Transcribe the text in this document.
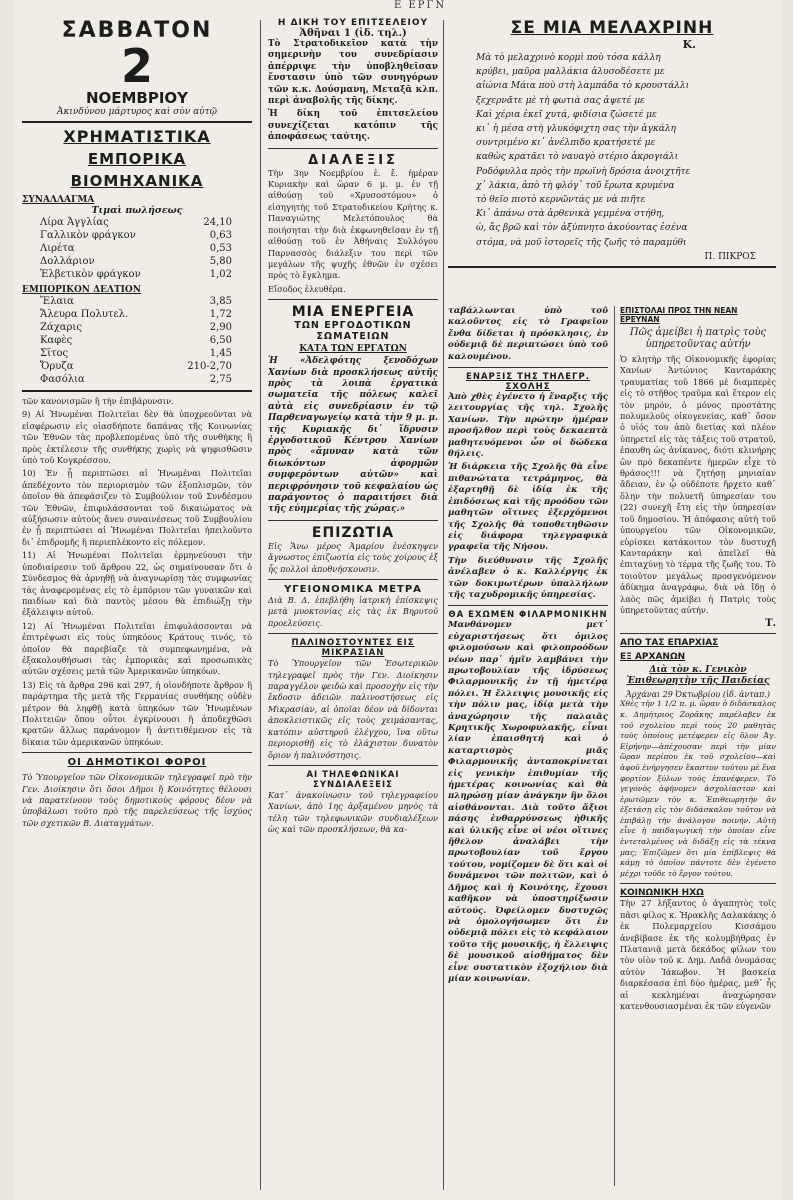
Ε ΕΡΓΝ
ΣΑΒΒΑΤΟΝ
2
ΝΟΕΜΒΡΙΟΥ
Ἀκινδύνου μάρτυρος καὶ σὺν αὐτῷ
ΧΡΗΜΑΤΙΣΤΙΚΑ
ΕΜΠΟΡΙΚΑ
ΒΙΟΜΗΧΑΝΙΚΑ
ΣΥΝΑΛΛΑΓΜΑ
Τιμαὶ πωλήσεως
Λίρα Ἀγγλίας	24,10
Γαλλικὸν φράγκον	0,63
Λιρέτα	0,53
Δολλάριον	5,80
Ἑλβετικὸν φράγκον	1,02
ΕΜΠΟΡΙΚΟΝ ΔΕΛΤΙΟΝ
Ἔλαια	3,85
Ἄλευρα Πολυτελ.	1,72
Ζάχαρις	2,90
Καφὲς	6,50
Σῖτος	1,45
Ὄρυζα	210-2,70
Φασόλια	2,75

τῶν κανονισμῶν ἢ τὴν ἐπιβάρυνσιν.

9) Αἱ Ἡνωμέναι Πολιτεῖαι δὲν θὰ ὑποχρεοῦνται νὰ εἰσφέρωσιν εἰς οἱασδήποτε δαπάνας τῆς Κοινωνίας τῶν Ἐθνῶν τὰς προβλεπομένας ὑπὸ τῆς συνθήκης ἢ πρὸς ἐκτέλεσιν τῆς συνθήκης χωρὶς νὰ ψηφισθῶσιν ὑπὸ τοῦ Κογκρέσσου.

10) Ἐν ᾗ περιπτώσει αἱ Ἡνωμέναι Πολιτεῖαι ἀπεδέχοντο τὸν περιορισμὸν τῶν ἐξοπλισμῶν, τὸν ὁποῖον θὰ ἀπεφάσιζεν τὸ Συμβούλιον τοῦ Συνδέσμου τῶν Ἐθνῶν, ἐπιφυλάσσονται τοῦ δικαιώματος νὰ αὐξήσωσιν αὐτοὺς ἄνευ συναινέσεως τοῦ Συμβουλίου ἐν ᾗ περιπτώσει αἱ Ἡνωμέναι Πολιτεῖαι ἠπειλοῦντο δι᾽ ἐπιδρομῆς ἢ περιεπλέκοντο εἰς πόλεμον.

11) Αἱ Ἡνωμέναι Πολιτεῖαι ἑρμηνεύουσι τὴν ὑποδιαίρεσιν τοῦ ἄρθρου 22, ὡς σημαίνουσαν ὅτι ὁ Σύνδεσμος θὰ ἀρνηθῇ νὰ ἀναγνωρίσῃ τὰς συμφωνίας τὰς ἀναφερομένας εἰς τὸ ἐμπόριον τῶν γυναικῶν καὶ παιδίων καὶ διὰ παντὸς μέσου θὰ ἐπιδιώξῃ τὴν ἐξάλειψιν αὐτοῦ.

12) Αἱ Ἡνωμέναι Πολιτεῖαι ἐπιφυλάσσονται νὰ ἐπιτρέψωσι εἰς τοὺς ὑπηκόους Κράτους τινός, τὸ ὁποῖον θὰ παρεβίαζε τὰ συμπεφωνημένα, νὰ ἐξακολουθήσωσι τὰς ἐμπορικὰς καὶ προσωπικὰς αὐτῶν σχέσεις μετὰ τῶν Ἀμερικανῶν ὑπηκόων.

13) Εἰς τὰ ἄρθρα 296 καὶ 297, ἡ οἱονδήποτε ἄρθρον ἢ παράρτημα τῆς μετὰ τῆς Γερμανίας συνθήκης οὐδὲν μέτρον θὰ ληφθῇ κατὰ ὑπηκόων τῶν Ἡνωμένων Πολιτειῶν ὅπου οὗτοι ἐγκρίνουσι ἢ ἀποδεχθῶσι κρατῶν ἄλλως παράνομον ἢ ἀντιτιθέμενον εἰς τὰ δίκαια τῶν ἀμερικανῶν ὑπηκόων.

ΟΙ ΔΗΜΟΤΙΚΟΙ ΦΟΡΟΙ

Τὸ Ὑπουργεῖον τῶν Οἰκονομικῶν τηλεγραφεῖ πρὸ τὴν Γεν. Διοίκησιν ὅτι ὅσοι Δῆμοι ἢ Κοινότητες θέλουσι νὰ παρατείνουν τοὺς δημοτικοὺς φόρους δέον νὰ ὑποβάλωσι τοῦτο πρὸ τῆς παρελεύσεως τῆς ἰσχύος τῶν σχετικῶν Β. Διαταγμάτων.

Η ΔΙΚΗ ΤΟΥ ΕΠΙΤΣΕΛΕΙΟΥ
Ἀθῆναι 1 (ἰδ. τηλ.)

Τὸ Στρατοδικεῖον κατὰ τὴν σημερινὴν του συνεδρίασιν ἀπέρριψε τὴν ὑποβληθεῖσαν ἔνστασιν ὑπὸ τῶν συνηγόρων τῶν κ.κ. Δούσμανη, Μεταξᾶ κλπ. περὶ ἀναβολῆς τῆς δίκης.

Ἡ δίκη τοῦ ἐπιτσελείου συνεχίζεται κατόπιν τῆς ἀποφάσεως ταύτης.

ΔΙΑΛΕΞΙΣ

Τὴν 3ην Νοεμβρίου ἐ. ἔ. ἡμέραν Κυριακὴν καὶ ὥραν 6 μ. μ. ἐν τῇ αἰθούσῃ τοῦ «Χρυσοστόμου» ὁ εἰσηγητὴς τοῦ Στρατοδικείου Κρήτης κ. Παναγιώτης Μελετόπουλος θὰ ποιήσηται τὴν διὰ ἐκφωνηθεῖσαν ἐν τῇ αἰθούσῃ τοῦ ἐν Ἀθήναις Συλλόγου Παρνασσὸς διάλεξιν του περὶ τῶν μεγάλων τῆς ψυχῆς ἐθνῶν ἐν σχέσει πρὸς τὸ ἔγκλημα.

Εἴσοδος ἐλευθέρα.

ΜΙΑ ΕΝΕΡΓΕΙΑ
ΤΩΝ ΕΡΓΟΔΟΤΙΚΩΝ ΣΩΜΑΤΕΙΩΝ
ΚΑΤΑ ΤΩΝ ΕΡΓΑΤΩΝ

Ἡ «Ἀδελφότης ξενοδόχων Χανίων διὰ προσκλήσεως αὐτῆς πρὸς τὰ λοιπὰ ἐργατικὰ σωματεῖα τῆς πόλεως καλεῖ αὐτὰ εἰς συνεδρίασιν ἐν τῷ Παρθεναγωγείῳ κατὰ τὴν 9 μ. μ. τῆς Κυριακῆς δι᾽ ἵδρυσιν ἐργοδοτικοῦ Κέντρου Χανίων πρὸς «ἄμυναν κατὰ τῶν διωκόντων ἀφορμῶν συμφερόντων αὐτῶν» καὶ περιφρόνησιν τοῦ κεφαλαίου ὡς παράγοντος ὁ παραιτήσει διὰ τῆς εὐημερίας τῆς χώρας.»

ΕΠΙΖΩΤΙΑ

Εἰς Ἄνω μέρος Ἀμαρίου ἐνέσκηψεν ἄγνωστος ἐπιζωοτία εἰς τοὺς χοίρους ἐξ ἧς πολλοὶ ἀποθνήσκουσιν.

ΥΓΕΙΟΝΟΜΙΚΑ ΜΕΤΡΑ

Διὰ Β. Δ. ἐπεβλήθη ἰατρικὴ ἐπίσκεψις μετὰ μυοκτονίας εἰς τὰς ἐκ Βηρυτοῦ προελεύσεις.

ΠΑΛΙΝΟΣΤΟΥΝΤΕΣ ΕΙΣ ΜΙΚΡΑΣΙΑΝ

Τὸ Ὑπουργεῖον τῶν Ἐσωτερικῶν τηλεγραφεῖ πρὸς τὴν Γεν. Διοίκησιν παραγγέλον φειδὼ καὶ προσοχὴν εἰς τὴν ἔκδοσιν ἀδειῶν παλινοστήσεως εἰς Μικρασίαν, αἱ ὁποῖαι δέον νὰ δίδονται ἀποκλειστικῶς εἰς τοὺς χειμάσαντας, κατόπιν αὐστηροῦ ἐλέγχου, ἵνα οὕτω περιορισθῇ εἰς τὸ ἐλάχιστον δυνατὸν ὅριον ἡ παλινόστησις.

ΑΙ ΤΗΛΕΦΩΝΙΚΑΙ ΣΥΝΔΙΑΛΕΞΕΙΣ

Κατ᾽ ἀνακοίνωσιν τοῦ τηλεγραφείου Χανίων, ἀπὸ 1ης ἀρξαμένου μηνὸς τὰ τέλη τῶν τηλεφωνικῶν συνδιαλέξεων ὡς καὶ τῶν προσκλήσεων, θὰ κα-

ΣΕ ΜΙΑ ΜΕΛΑΧΡΙΝΗ
Κ.
Μὰ τὸ μελαχρινὸ κορμὶ ποὺ τόσα κάλλη
κρύβει, μαῦρα μαλλάκια ἀλυσοδέσετε με
αἰώνια Μάια ποὺ στὴ λαμπάδα τὸ κρουστάλλι
ξεχερνᾶτε μὲ τὴ φωτιὰ σας ἀψετέ με
Καὶ χέρια ἐκεῖ χυτά, φιδίσια ζώσετέ με
κι᾽ ἡ μέσα στὴ γλυκόφιχτη σας τὴν ἀγκάλη
συντριμένο κι᾽ ἀνέλπιδο κρατήσετέ με
καθὼς κρατᾶει τὸ ναυαγὸ στέριο ἀκρογιάλι
Ροδόφυλλα πρὸς τὴν πρωϊνὴ δρόσια ἀνοιχτῆτε
χ᾽ λάκια, ἀπὸ τὴ φλόγ᾽ τοῦ ἔρωτα κρυμένα
τὸ θεῖο πιοτὸ κερνῶντάς με νὰ πιῆτε
Κι᾽ ἀπάνω στὰ ἀρθενικὰ γεμμένα στήθη,
ὡ, ἄς βρῶ καὶ τὸν ἀξύπνητο ἀκούοντας ἐσένα
στόμα, νὰ μοῦ ἱστορεῖς τῆς ζωῆς τὸ παραμύθι
Π. ΠΙΚΡΟΣ

ταβάλλωνται ὑπὸ τοῦ καλοῦντος εἰς τὸ Γραφεῖον ἔνθα δίδεται ἡ πρόσκλησις, ἐν οὐδεμιᾷ δὲ περιπτώσει ὑπὸ τοῦ καλουμένου.

ΕΝΑΡΞΙΣ ΤΗΣ ΤΗΛΕΓΡ. ΣΧΟΛΗΣ

Ἀπὸ χθὲς ἐγένετο ἡ ἔναρξις τῆς λειτουργίας τῆς τηλ. Σχολῆς Χανίων. Τὴν πρώτην ἡμέραν προσῆλθον περὶ τοὺς δεκαεπτὰ μαθητευόμενοι ὧν οἱ δώδεκα θήλεις.

Ἡ διάρκεια τῆς Σχολῆς θὰ εἶνε πιθανώτατα τετράμηνος, θὰ ἐξαρτηθῇ δὲ ἰδίᾳ ἐκ τῆς ἐπιδόσεως καὶ τῆς προόδου τῶν μαθητῶν οἵτινες ἐξερχόμενοι τῆς Σχολῆς θὰ τοποθετηθῶσιν εἰς διάφορα τηλεγραφικὰ γραφεῖα τῆς Νήσου.

Τὴν διεύθυνσιν τῆς Σχολῆς ἀνέλαβεν ὁ κ. Καλλέργης ἐκ τῶν δοκιμωτέρων ὑπαλλήλων τῆς ταχυδρομικῆς ὑπηρεσίας.

ΘΑ ΕΧΩΜΕΝ ΦΙΛΑΡΜΟΝΙΚΗΝ

Μανθάνομεν μετ᾽ εὐχαριστήσεως ὅτι ὁμιλος φιλομούσων καὶ φιλοπροόδων νέων παρ᾽ ἡμῖν λαμβάνει τὴν πρωτοβουλίαν τῆς ἱδρύσεως Φιλαρμονικῆς ἐν τῇ ἡμετέρᾳ πόλει. Ἡ ἔλλειψις μουσικῆς εἰς τὴν πόλιν μας, ἰδίᾳ μετὰ τὴν ἀναχώρησιν τῆς παλαιᾶς Κρητικῆς Χωροφυλακῆς, εἶναι λίαν ἐπαισθητή καὶ ὁ καταρτισμὸς μιᾶς Φιλαρμονικῆς ἀνταποκρίνεται εἰς γενικὴν ἐπιθυμίαν τῆς ἡμετέρας κοινωνίας καὶ θὰ πληρώσῃ μίαν ἀνάγκην ἣν ὅλοι αἰσθάνονται. Διὰ τοῦτο ἄξιοι πάσης ἐνθαρρύνσεως ἠθικῆς καὶ ὑλικῆς εἶνε οἱ νέοι οἵτινες ἤθελον ἀναλάβει τὴν πρωτοβουλίαν τοῦ ἔργου τούτου, νομίζομεν δὲ ὅτι καὶ οἱ δυνάμενοι τῶν πολιτῶν, καὶ ὁ Δῆμος καὶ ἡ Κοινότης, ἔχουσι καθῆκον νὰ ὑποστηρίξωσιν αὐτούς. Ὀφείλομεν δυστυχῶς νὰ ὁμολογήσωμεν ὅτι ἐν οὐδεμιᾷ πόλει εἰς τὸ κεφάλαιον τοῦτο τῆς μουσικῆς, ἡ ἔλλειψις δὲ μουσικοῦ αἰσθήματος δὲν εἶνε συστατικὸν ἐξοχήλιον διὰ μίαν κοινωνίαν.

ΕΠΙΣΤΟΛΑΙ ΠΡΟΣ ΤΗΝ ΝΕΑΝ ΕΡΕΥΝΑΝ
Πῶς ἀμείβει ἡ πατρὶς τοὺς ὑπηρετοῦντας αὐτήν

Ὁ κλητὴρ τῆς Οἰκονομικῆς ἐφορίας Χανίων Ἀντώνιος Κανταράκης τραυματίας τοῦ 1866 μὲ διαμπερὲς εἰς τὸ στῆθος τραῦμα καὶ ἕτερον εἰς τὸν μηρόν, ὁ μόνος προστάτης πολυμελοῦς οἰκογενείας, καθ᾽ ὅσον ὁ υἱός του ἀπὸ διετίας καὶ πλέον ὑπηρετεῖ εἰς τὰς τάξεις τοῦ στρατοῦ, ἐπαυθη ὡς ἀνίκανος, διότι κλινήρης ὢν πρὸ δεκαπέντε ἡμερῶν εἶχε τὸ θράσος!!! νὰ ζητήσῃ μηνιαίαν ἄδειαν, ἐν ᾧ οὐδέποτε ἤρχετο καθ᾽ ὅλην τὴν πολυετῆ ὑπηρεσίαν του (22) συνεχῆ ἔτη εἰς τὴν ὑπηρεσίαν τοῦ δημοσίου. Ἡ ἀπόφασις αὐτὴ τοῦ ὑπουργείου τῶν Οἰκονομικῶν, εὑρίσκει κατάκοιτον τὸν δυστυχῆ Κανταράκην καὶ ἀπεῖλεῖ θὰ ἐπιταχύνῃ τὸ τέρμα τῆς ζωῆς του. Τὸ τοιοῦτον μεγάλως προσγενόμενον ἀδίκημα ἀναγράφω, διὰ νὰ ἴδῃ ὁ λαὸς πῶς ἀμείβει ἡ Πατρὶς τοὺς ὑπηρετοῦντας αὐτήν.

Τ.
ΑΠΟ ΤΑΣ ΕΠΑΡΧΙΑΣ
ΕΞ ΑΡΧΑΝΩΝ
Διὰ τὸν κ. Γενικὸν Ἐπιθεωρητὴν τῆς Παιδείας
Ἀρχάναι 29 Ὀκτωβρίου (ἰδ. ἀνταπ.)

Χθὲς τὴν 1 1/2 π. μ. ὥραν ὁ διδάσκαλος κ. Δημήτριος Ζορᾶκης παρέλαβεν ἐκ τοῦ σχολείου περὶ τοὺς 20 μαθητὰς τοὺς ὁποίους μετέφερεν εἰς ὅλον Ἁγ. Εἰρήνην—ἀπέχουσαν περὶ τὴν μίαν ὥραν περίπου ἐκ τοῦ σχολείου—καὶ ἀφοῦ ἐνήργησεν ἕκαστον τούτου μὲ ἕνα φορτίον ξύλων τοὺς ἐπανέφερεν. Τὸ γεγονὸς ἀφήνομεν ἀσχολίαστον καὶ ἐρωτῶμεν τὸν κ. Ἐπιθεωρητὴν ἂν ἐξετάσῃ εἰς τὸν διδάσκαλον τοῦτον νὰ ἐπιβάλῃ τὴν ἀνάλογον ποινήν. Αὐτὴ εἶνε ἡ παιδαγωγικὴ τὴν ὁποίαν εἶνε ἐντεταλμένος νὰ διδάξῃ εἰς τὰ τέκνα μας; Ἐπιζῶμεν ὅτι μία ἐπίβλεψις θὰ κάμῃ τὸ ὁποῖον πάντοτε δὲν ἐγένετο μέχρι τοῦδε τὸ ἔργον τούτου.

ΚΟΙΝΩΝΙΚΗ ΗΧΩ

Τὴν 27 λήξαντος ὁ ἀγαπητὸς τοῖς πᾶσι φίλος κ. Ἡρακλῆς Δαλακάκης ὁ ἐκ Πολεμαρχείου Κισσάμου ἀνεβίβασε ἐκ τῆς κολυμβήθρας ἐν Πλατανιᾷ μετὰ δεκάδος φίλων του τὸν υἱὸν τοῦ κ. Δημ. Λαδᾶ ὀνομάσας αὐτὸν Ἰάκωβον. Ἡ βασκεία διαρκέσασα ἐπὶ δύο ἡμέρας, μεθ᾽ ἧς αἱ κεκλημέναι ἀναχώρησαν κατενθουσιασμέναι ἐκ τῶν εὐγενῶν
